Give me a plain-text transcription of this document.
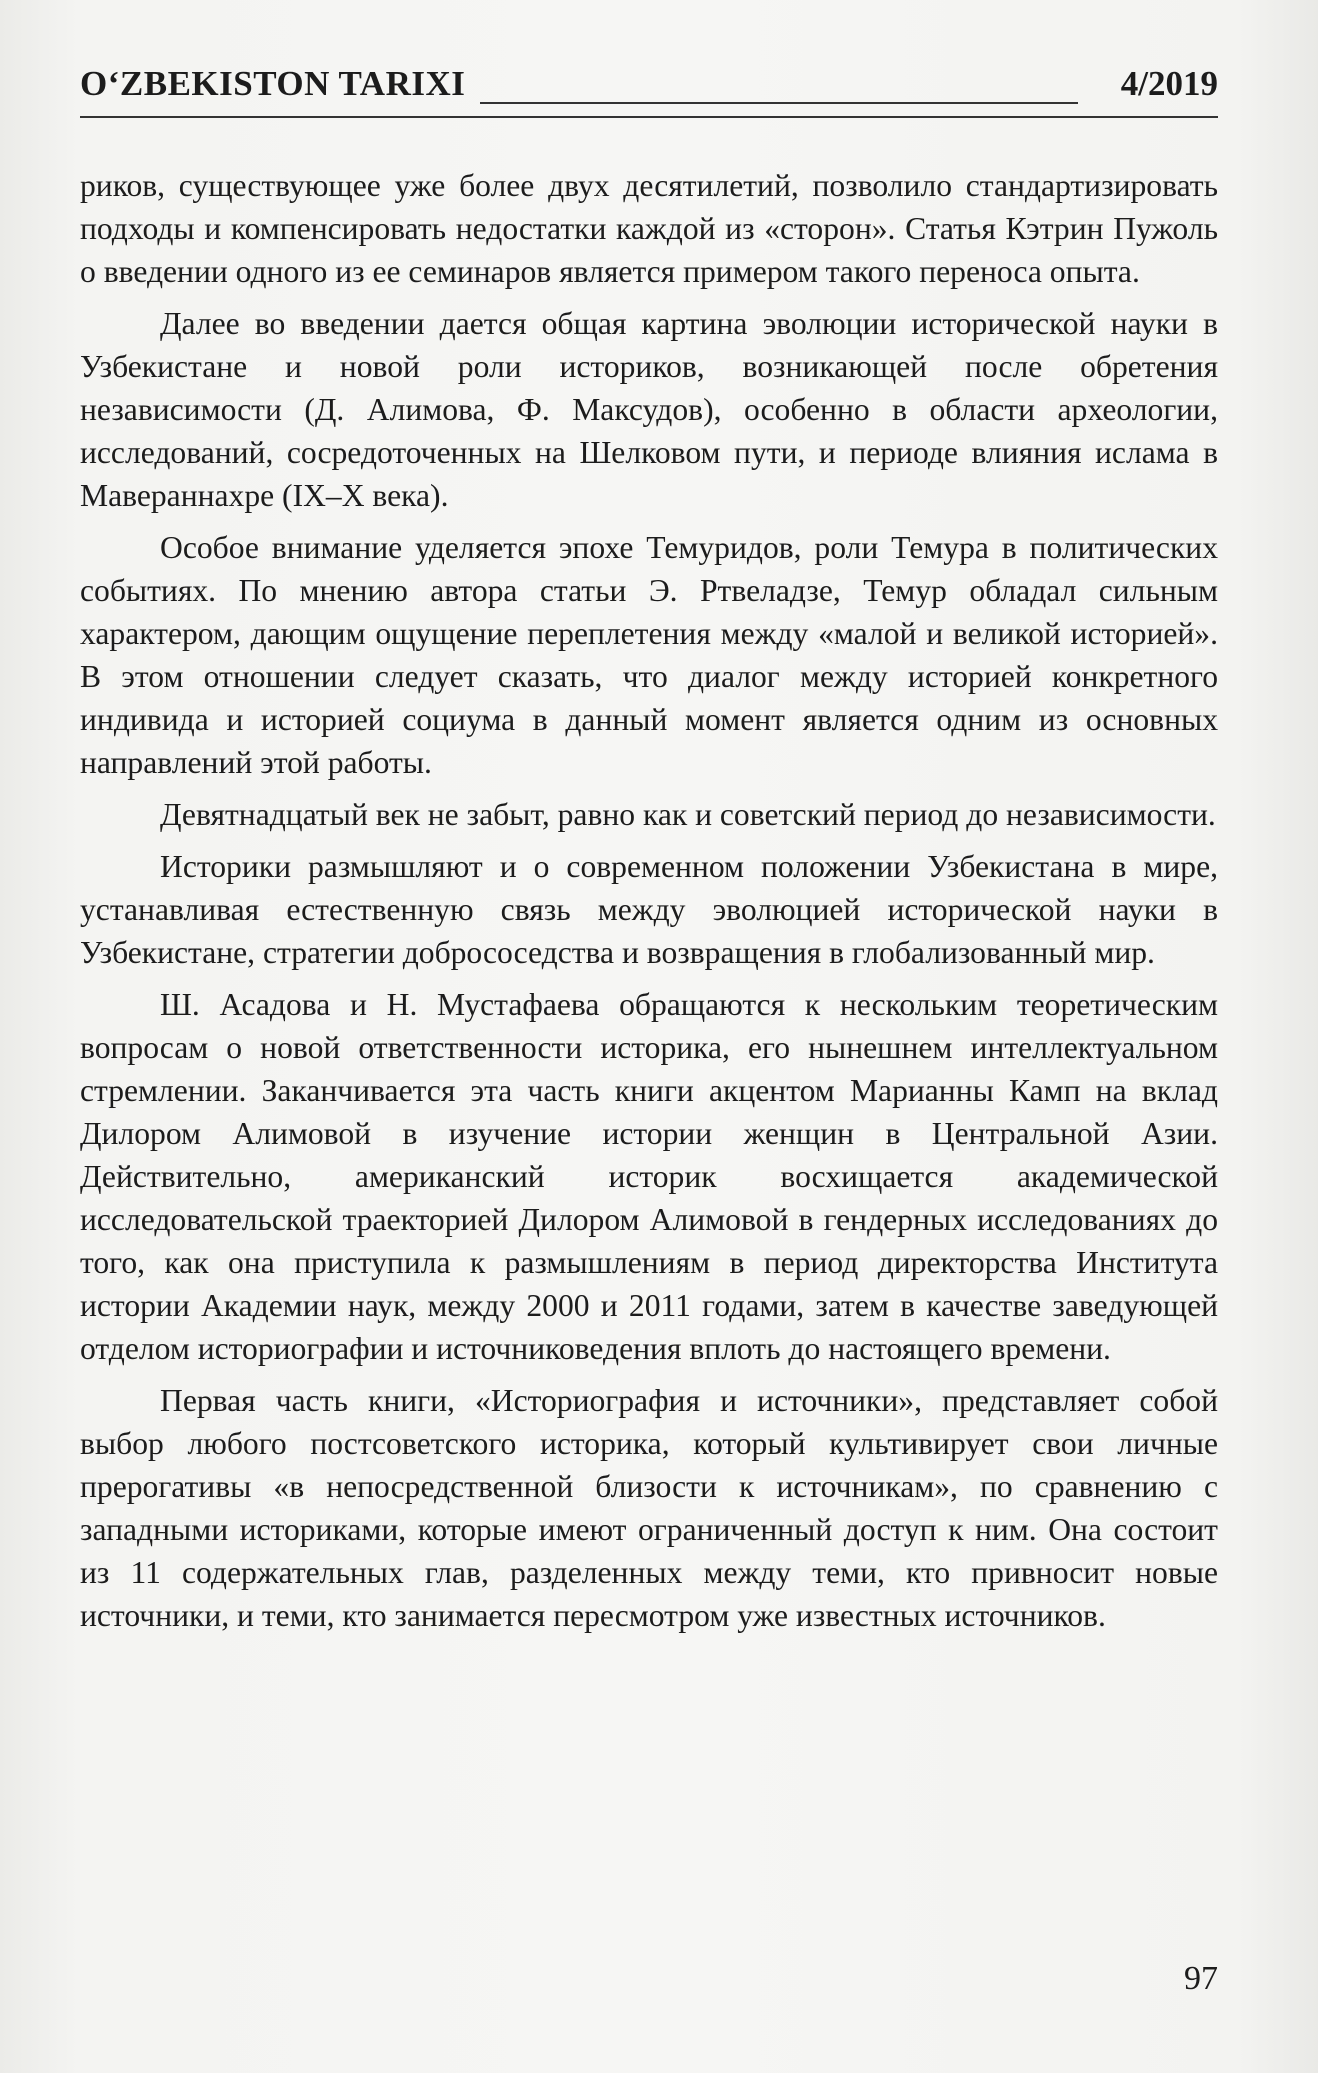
O‘ZBEKISTON TARIXI	4/2019

риков, существующее уже более двух десятилетий, позволило стандартизировать подходы и компенсировать недостатки каждой из «сторон». Статья Кэтрин Пужоль о введении одного из ее семинаров является примером такого переноса опыта.

Далее во введении дается общая картина эволюции исторической науки в Узбекистане и новой роли историков, возникающей после обретения независимости (Д. Алимова, Ф. Максудов), особенно в области археологии, исследований, сосредоточенных на Шелковом пути, и периоде влияния ислама в Мавераннахре (IX–X века).

Особое внимание уделяется эпохе Темуридов, роли Темура в политических событиях. По мнению автора статьи Э. Ртвеладзе, Темур обладал сильным характером, дающим ощущение переплетения между «малой и великой историей». В этом отношении следует сказать, что диалог между историей конкретного индивида и историей социума в данный момент является одним из основных направлений этой работы.

Девятнадцатый век не забыт, равно как и советский период до независимости.

Историки размышляют и о современном положении Узбекистана в мире, устанавливая естественную связь между эволюцией исторической науки в Узбекистане, стратегии добрососедства и возвращения в глобализованный мир.

Ш. Асадова и Н. Мустафаева обращаются к нескольким теоретическим вопросам о новой ответственности историка, его нынешнем интеллектуальном стремлении. Заканчивается эта часть книги акцентом Марианны Камп на вклад Дилором Алимовой в изучение истории женщин в Центральной Азии. Действительно, американский историк восхищается академической исследовательской траекторией Дилором Алимовой в гендерных исследованиях до того, как она приступила к размышлениям в период директорства Института истории Академии наук, между 2000 и 2011 годами, затем в качестве заведующей отделом историографии и источниковедения вплоть до настоящего времени.

Первая часть книги, «Историография и источники», представляет собой выбор любого постсоветского историка, который культивирует свои личные прерогативы «в непосредственной близости к источникам», по сравнению с западными историками, которые имеют ограниченный доступ к ним. Она состоит из 11 содержательных глав, разделенных между теми, кто привносит новые источники, и теми, кто занимается пересмотром уже известных источников.

97
